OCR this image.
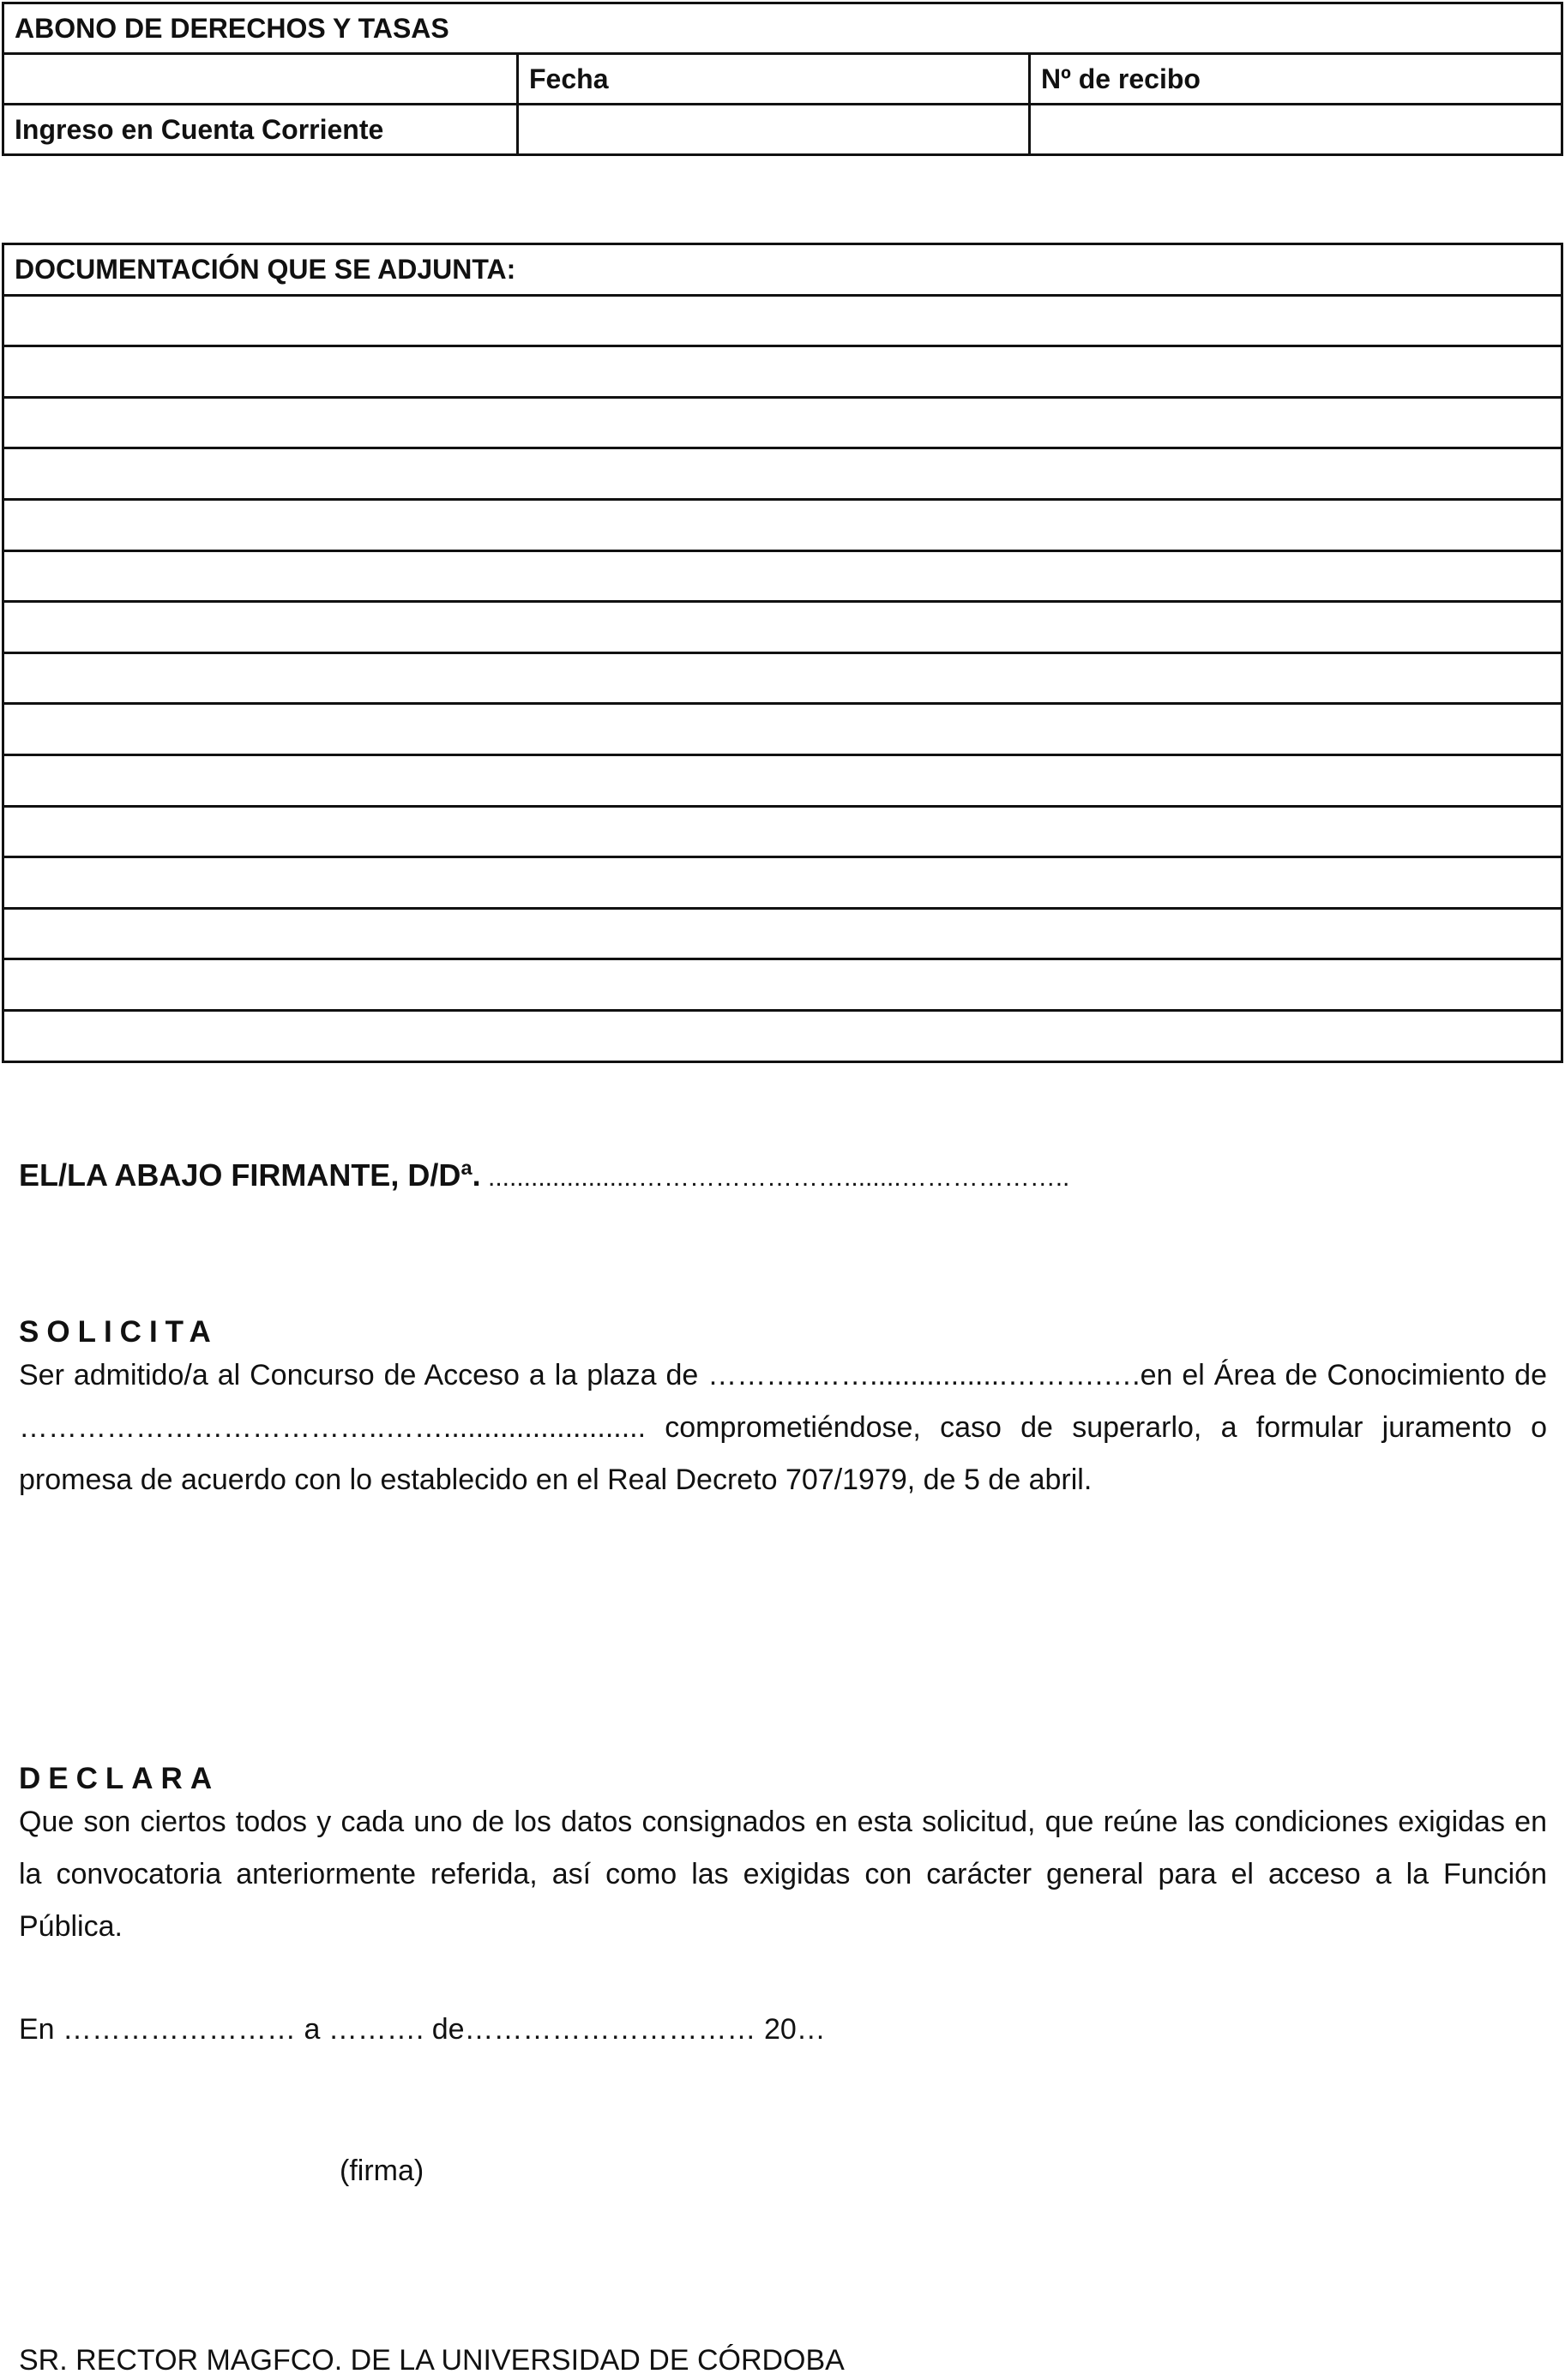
ABONO DE DERECHOS Y TASAS		
	Fecha	Nº de recibo
Ingreso en Cuenta Corriente		
DOCUMENTACIÓN QUE SE ADJUNTA:

EL/LA ABAJO FIRMANTE, D/Dª. .....................……………………........………………..
SOLICITA

Ser admitido/a al Concurso de Acceso a la plaza de ………..…….................……….….en el Área de Conocimiento de ………………………………..……......................... comprometiéndose, caso de superarlo, a formular juramento o promesa de acuerdo con lo establecido en el Real Decreto 707/1979, de 5 de abril.

DECLARA

Que son ciertos todos y cada uno de los datos consignados en esta solicitud, que reúne las condiciones exigidas en la convocatoria anteriormente referida, así como las exigidas con carácter general para el acceso a la Función Pública.

En …………………… a ………. de………………………… 20…
(firma)
SR. RECTOR MAGFCO. DE LA UNIVERSIDAD DE CÓRDOBA
